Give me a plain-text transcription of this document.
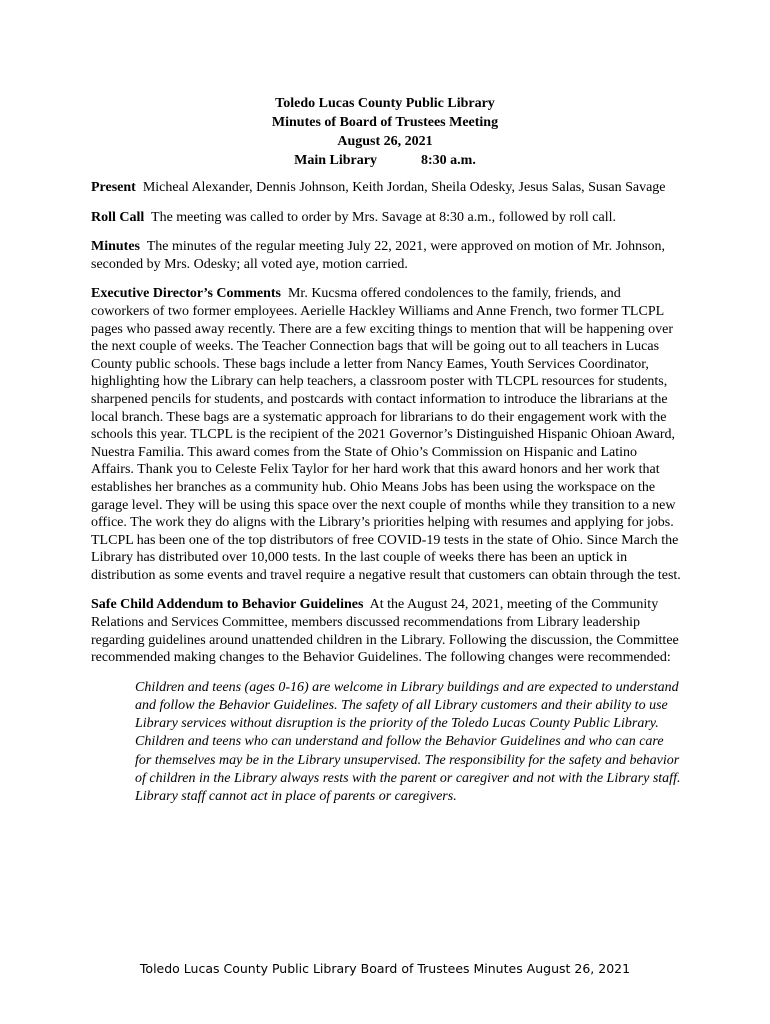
Toledo Lucas County Public Library
Minutes of Board of Trustees Meeting
August 26, 2021
Main Library	8:30 a.m.

Present Micheal Alexander, Dennis Johnson, Keith Jordan, Sheila Odesky, Jesus Salas, Susan Savage

Roll Call The meeting was called to order by Mrs. Savage at 8:30 a.m., followed by roll call.

Minutes The minutes of the regular meeting July 22, 2021, were approved on motion of Mr. Johnson, seconded by Mrs. Odesky; all voted aye, motion carried.

Executive Director’s Comments Mr. Kucsma offered condolences to the family, friends, and coworkers of two former employees. Aerielle Hackley Williams and Anne French, two former TLCPL pages who passed away recently. There are a few exciting things to mention that will be happening over the next couple of weeks. The Teacher Connection bags that will be going out to all teachers in Lucas County public schools. These bags include a letter from Nancy Eames, Youth Services Coordinator, highlighting how the Library can help teachers, a classroom poster with TLCPL resources for students, sharpened pencils for students, and postcards with contact information to introduce the librarians at the local branch. These bags are a systematic approach for librarians to do their engagement work with the schools this year. TLCPL is the recipient of the 2021 Governor’s Distinguished Hispanic Ohioan Award, Nuestra Familia. This award comes from the State of Ohio’s Commission on Hispanic and Latino Affairs. Thank you to Celeste Felix Taylor for her hard work that this award honors and her work that establishes her branches as a community hub. Ohio Means Jobs has been using the workspace on the garage level. They will be using this space over the next couple of months while they transition to a new office. The work they do aligns with the Library’s priorities helping with resumes and applying for jobs. TLCPL has been one of the top distributors of free COVID-19 tests in the state of Ohio. Since March the Library has distributed over 10,000 tests. In the last couple of weeks there has been an uptick in distribution as some events and travel require a negative result that customers can obtain through the test.

Safe Child Addendum to Behavior Guidelines At the August 24, 2021, meeting of the Community Relations and Services Committee, members discussed recommendations from Library leadership regarding guidelines around unattended children in the Library. Following the discussion, the Committee recommended making changes to the Behavior Guidelines. The following changes were recommended:

Children and teens (ages 0-16) are welcome in Library buildings and are expected to understand and follow the Behavior Guidelines. The safety of all Library customers and their ability to use Library services without disruption is the priority of the Toledo Lucas County Public Library. Children and teens who can understand and follow the Behavior Guidelines and who can care for themselves may be in the Library unsupervised. The responsibility for the safety and behavior of children in the Library always rests with the parent or caregiver and not with the Library staff. Library staff cannot act in place of parents or caregivers.

Toledo Lucas County Public Library Board of Trustees Minutes August 26, 2021
